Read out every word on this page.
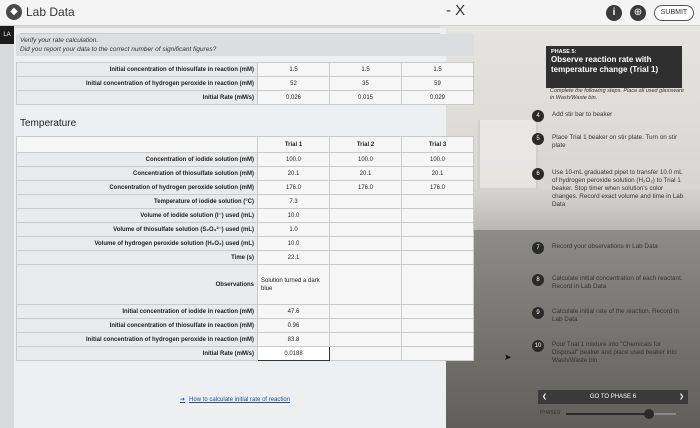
◆ Lab Data	- X	i	⊕	SUBMIT
LA
Verify your rate calculation.
Did you report your data to the correct number of significant figures?
Initial concentration of thiosulfate in reaction (mM)	1.5	1.5	1.5
Initial concentration of hydrogen peroxide in reaction (mM)	52	35	59
Initial Rate (mM/s)	0.026	0.015	0.029
Temperature
	Trial 1	Trial 2	Trial 3
Concentration of iodide solution (mM)	100.0	100.0	100.0
Concentration of thiosulfate solution (mM)	20.1	20.1	20.1
Concentration of hydrogen peroxide solution (mM)	176.0	176.0	176.0
Temperature of iodide solution (°C)	7.3		
Volume of iodide solution (I⁻) used (mL)	10.0		
Volume of thiosulfate solution (S₂O₃²⁻) used (mL)	1.0		
Volume of hydrogen peroxide solution (H₂O₂) used (mL)	10.0		
Time (s)	22.1		
Observations	Solution turned a dark blue		
Initial concentration of iodide in reaction (mM)	47.6		
Initial concentration of thiosulfate in reaction (mM)	0.96		
Initial concentration of hydrogen peroxide in reaction (mM)	83.8		
Initial Rate (mM/s)	0.0188		
➔ How to calculate initial rate of reaction
PHASE 5:
Observe reaction rate with temperature change (Trial 1)
Complete the following steps. Place all used glassware in Wash/Waste bin.
4	Add stir bar to beaker
5	Place Trial 1 beaker on stir plate. Turn on stir plate
6	Use 10-mL graduated pipet to transfer 10.0 mL of hydrogen peroxide solution (H₂O₂) to Trial 1 beaker. Stop timer when solution's color changes. Record exact volume and time in Lab Data
7	Record your observations in Lab Data
8	Calculate initial concentration of each reactant. Record in Lab Data
9	Calculate initial rate of the reaction. Record in Lab Data
10	Pour Trial 1 mixture into "Chemicals for Disposal" beaker and place used beaker into Wash/Waste bin
❮	GO TO PHASE 6	❯
PHASES
➤
